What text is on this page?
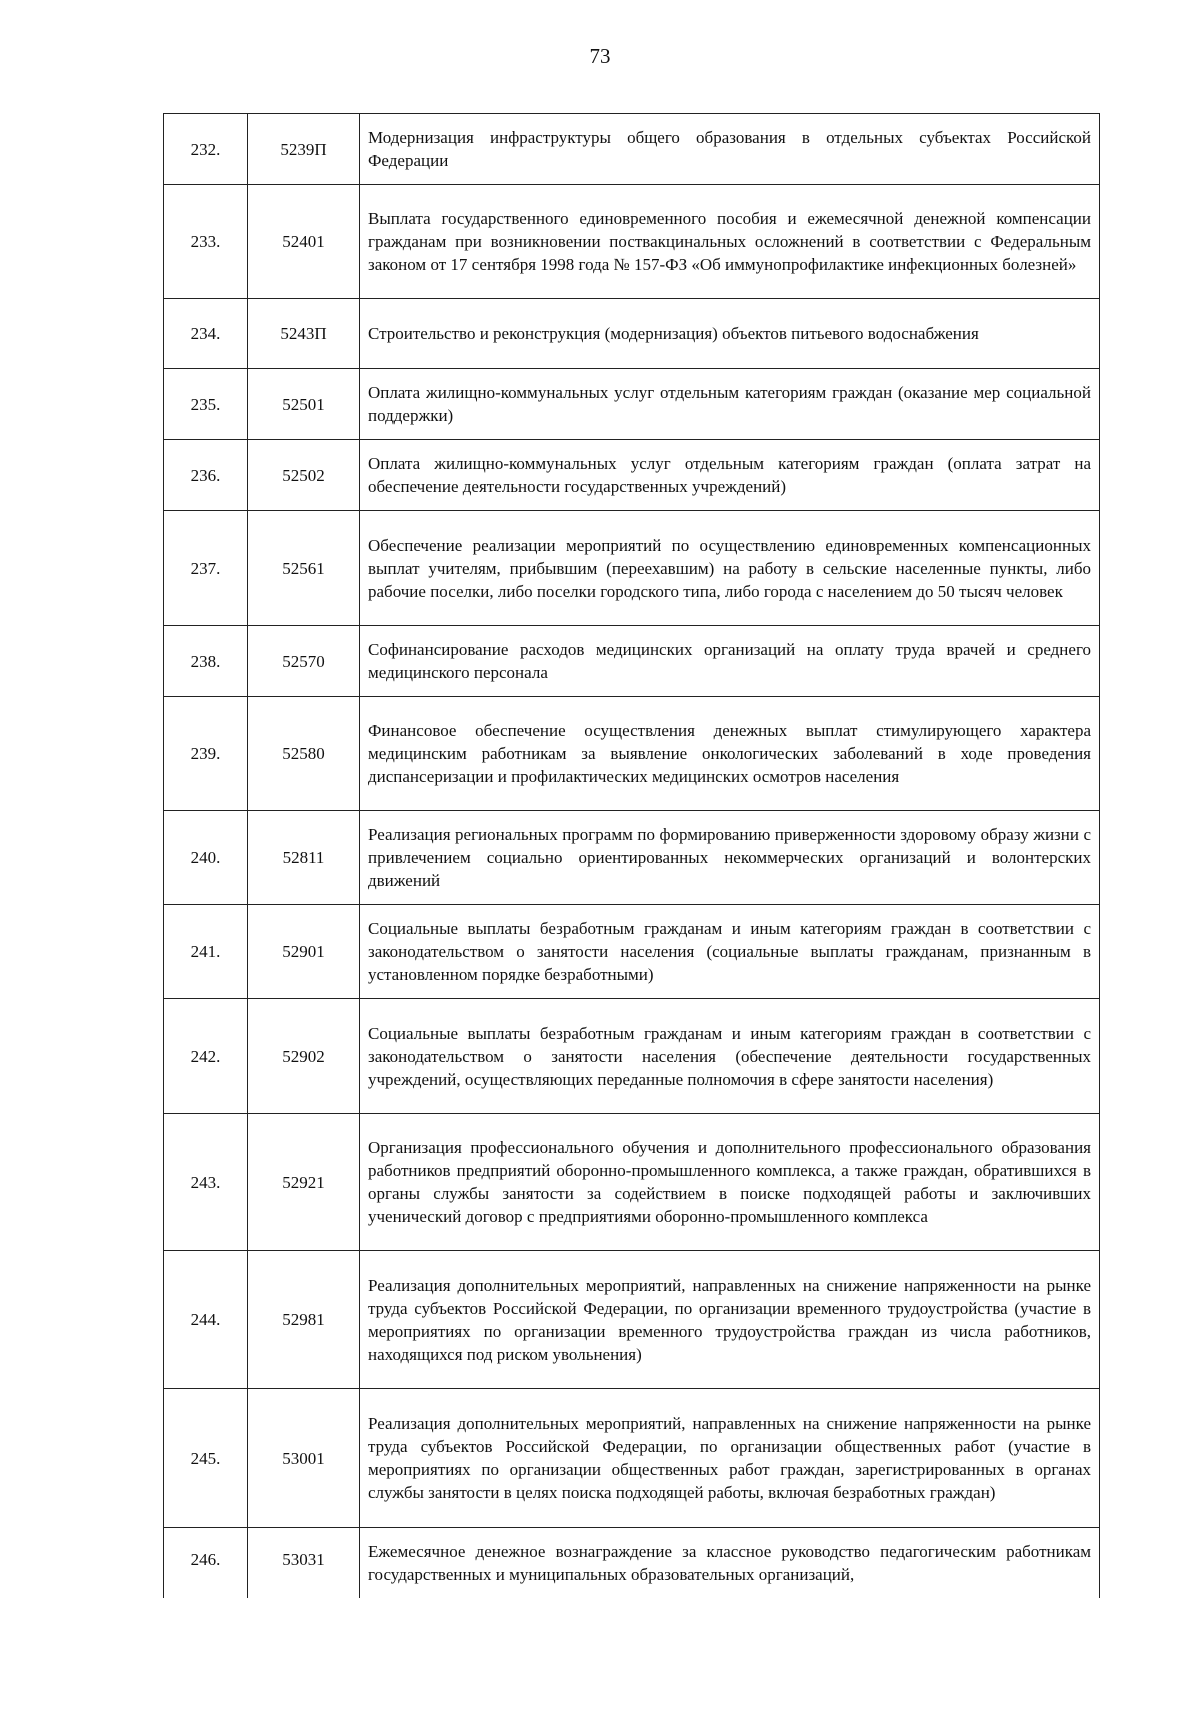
73
232.	5239П	Модернизация инфраструктуры общего образования в отдельных субъектах Российской Федерации
233.	52401	Выплата государственного единовременного пособия и ежемесячной денежной компенсации гражданам при возникновении поствакцинальных осложнений в соответствии с Федеральным законом от 17 сентября 1998 года № 157-ФЗ «Об иммунопрофилактике инфекционных болезней»
234.	5243П	Строительство и реконструкция (модернизация) объектов питьевого водоснабжения
235.	52501	Оплата жилищно-коммунальных услуг отдельным категориям граждан (оказание мер социальной поддержки)
236.	52502	Оплата жилищно-коммунальных услуг отдельным категориям граждан (оплата затрат на обеспечение деятельности государственных учреждений)
237.	52561	Обеспечение реализации мероприятий по осуществлению единовременных компенсационных выплат учителям, прибывшим (переехавшим) на работу в сельские населенные пункты, либо рабочие поселки, либо поселки городского типа, либо города с населением до 50 тысяч человек
238.	52570	Софинансирование расходов медицинских организаций на оплату труда врачей и среднего медицинского персонала
239.	52580	Финансовое обеспечение осуществления денежных выплат стимулирующего характера медицинским работникам за выявление онкологических заболеваний в ходе проведения диспансеризации и профилактических медицинских осмотров населения
240.	52811	Реализация региональных программ по формированию приверженности здоровому образу жизни с привлечением социально ориентированных некоммерческих организаций и волонтерских движений
241.	52901	Социальные выплаты безработным гражданам и иным категориям граждан в соответствии с законодательством о занятости населения (социальные выплаты гражданам, признанным в установленном порядке безработными)
242.	52902	Социальные выплаты безработным гражданам и иным категориям граждан в соответствии с законодательством о занятости населения (обеспечение деятельности государственных учреждений, осуществляющих переданные полномочия в сфере занятости населения)
243.	52921	Организация профессионального обучения и дополнительного профессионального образования работников предприятий оборонно-промышленного комплекса, а также граждан, обратившихся в органы службы занятости за содействием в поиске подходящей работы и заключивших ученический договор с предприятиями оборонно-промышленного комплекса
244.	52981	Реализация дополнительных мероприятий, направленных на снижение напряженности на рынке труда субъектов Российской Федерации, по организации временного трудоустройства (участие в мероприятиях по организации временного трудоустройства граждан из числа работников, находящихся под риском увольнения)
245.	53001	Реализация дополнительных мероприятий, направленных на снижение напряженности на рынке труда субъектов Российской Федерации, по организации общественных работ (участие в мероприятиях по организации общественных работ граждан, зарегистрированных в органах службы занятости в целях поиска подходящей работы, включая безработных граждан)
246.	53031	Ежемесячное денежное вознаграждение за классное руководство педагогическим работникам государственных и муниципальных образовательных организаций,
